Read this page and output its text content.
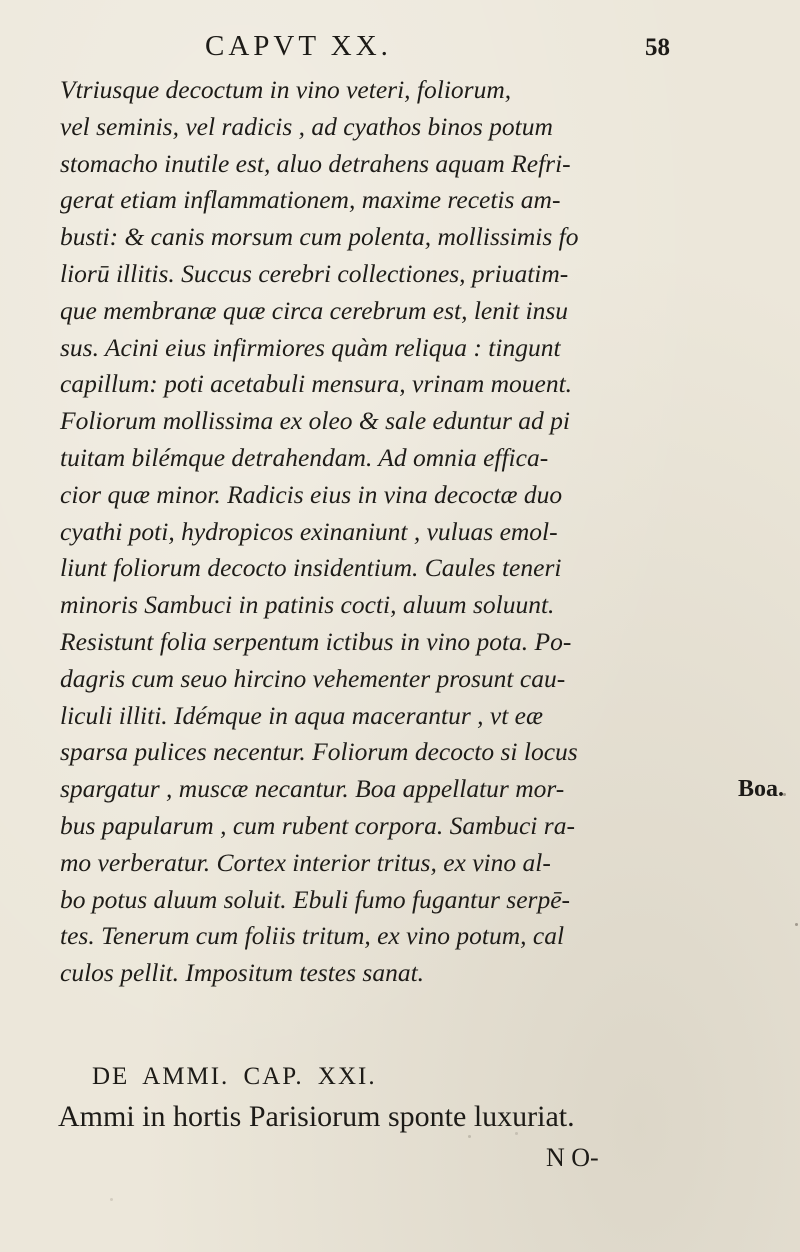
CAPVT XX.	58
Vtriusque decoctum in vino veteri, foliorum,
vel seminis, vel radicis , ad cyathos binos potum
stomacho inutile est, aluo detrahens aquam Refri-
gerat etiam inflammationem, maxime recetis am-
busti: & canis morsum cum polenta, mollissimis fo
liorū illitis. Succus cerebri collectiones, priuatim-
que membranæ quæ circa cerebrum est, lenit insu
sus. Acini eius infirmiores quàm reliqua : tingunt
capillum: poti acetabuli mensura, vrinam mouent.
Foliorum mollissima ex oleo & sale eduntur ad pi
tuitam bilémque detrahendam. Ad omnia effica-
cior quæ minor. Radicis eius in vina decoctæ duo
cyathi poti, hydropicos exinaniunt , vuluas emol-
liunt foliorum decocto insidentium. Caules teneri
minoris Sambuci in patinis cocti, aluum soluunt.
Resistunt folia serpentum ictibus in vino pota. Po-
dagris cum seuo hircino vehementer prosunt cau-
liculi illiti. Idémque in aqua macerantur , vt eæ
sparsa pulices necentur. Foliorum decocto si locus
spargatur , muscæ necantur. Boa appellatur mor-
bus papularum , cum rubent corpora. Sambuci ra-
mo verberatur. Cortex interior tritus, ex vino al-
bo potus aluum soluit. Ebuli fumo fugantur serpē-
tes. Tenerum cum foliis tritum, ex vino potum, cal
culos pellit. Impositum testes sanat.
Boa.
DE AMMI. CAP. XXI.
Ammi in hortis Parisiorum sponte luxuriat.
N O-
